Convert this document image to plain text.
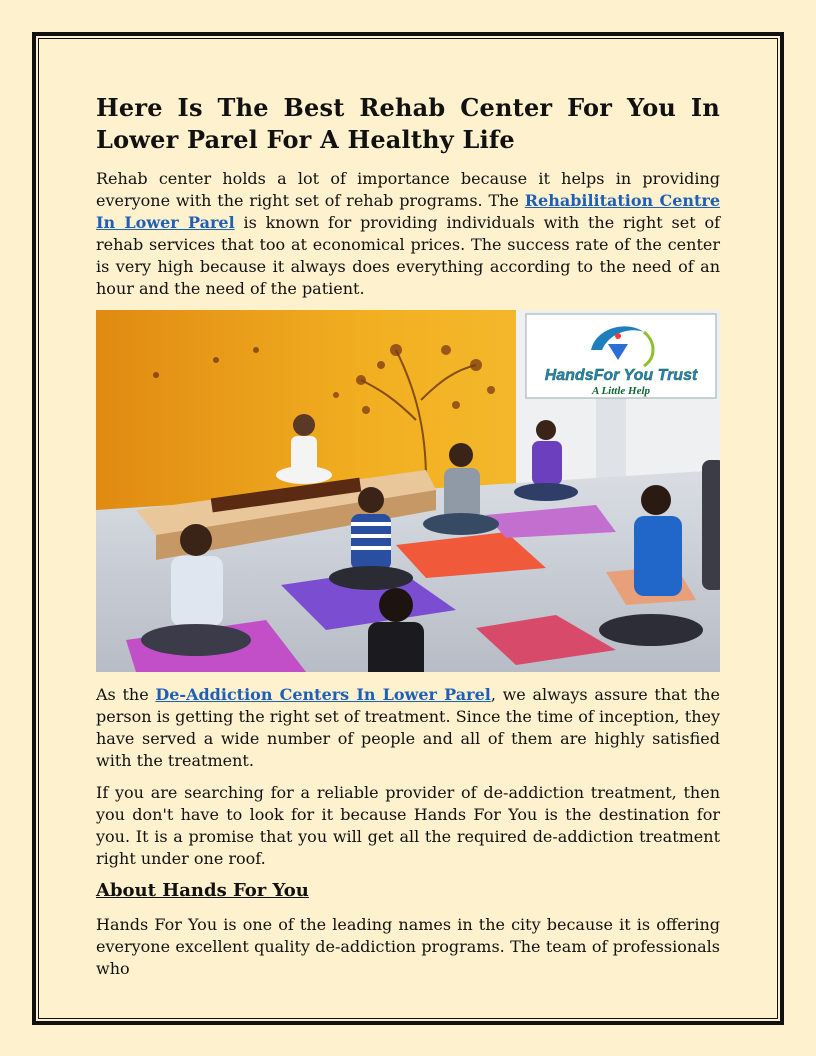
Here Is The Best Rehab Center For You In Lower Parel For A Healthy Life

Rehab center holds a lot of importance because it helps in providing everyone with the right set of rehab programs. The Rehabilitation Centre In Lower Parel is known for providing individuals with the right set of rehab services that too at economical prices. The success rate of the center is very high because it always does everything according to the need of an hour and the need of the patient.

HandsFor You Trust
A Little Help

As the De-Addiction Centers In Lower Parel, we always assure that the person is getting the right set of treatment. Since the time of inception, they have served a wide number of people and all of them are highly satisfied with the treatment.

If you are searching for a reliable provider of de-addiction treatment, then you don't have to look for it because Hands For You is the destination for you. It is a promise that you will get all the required de-addiction treatment right under one roof.

About Hands For You

Hands For You is one of the leading names in the city because it is offering everyone excellent quality de-addiction programs. The team of professionals who
